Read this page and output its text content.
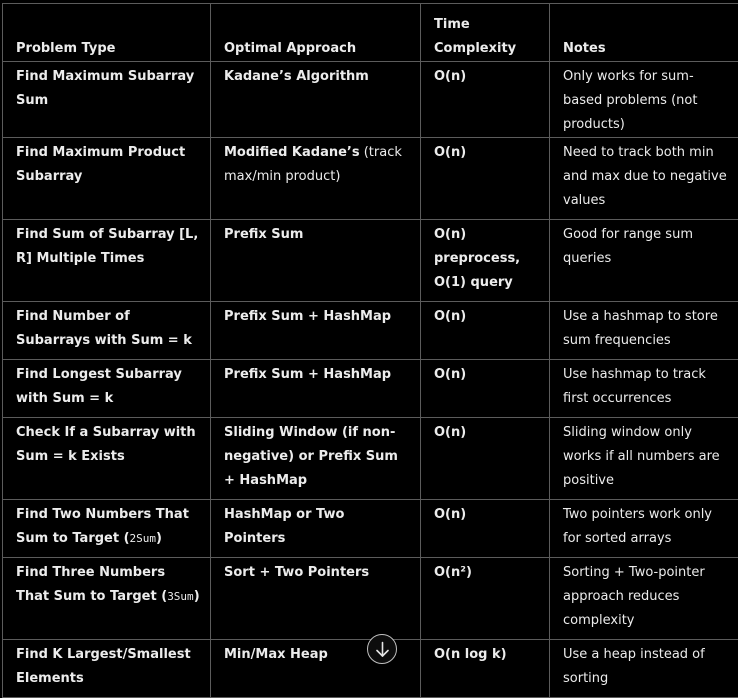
Problem Type	Optimal Approach	Time Complexity	Notes
Find Maximum Subarray Sum	Kadane’s Algorithm	O(n)	Only works for sum-based problems (not products)
Find Maximum Product Subarray	Modified Kadane’s (track max/min product)	O(n)	Need to track both min and max due to negative values
Find Sum of Subarray [L, R] Multiple Times	Prefix Sum	O(n) preprocess, O(1) query	Good for range sum queries
Find Number of Subarrays with Sum = k	Prefix Sum + HashMap	O(n)	Use a hashmap to store sum frequencies
Find Longest Subarray with Sum = k	Prefix Sum + HashMap	O(n)	Use hashmap to track first occurrences
Check If a Subarray with Sum = k Exists	Sliding Window (if non-negative) or Prefix Sum + HashMap	O(n)	Sliding window only works if all numbers are positive
Find Two Numbers That Sum to Target (2Sum)	HashMap or Two Pointers	O(n)	Two pointers work only for sorted arrays
Find Three Numbers That Sum to Target (3Sum)	Sort + Two Pointers	O(n²)	Sorting + Two-pointer approach reduces complexity
Find K Largest/Smallest Elements	Min/Max Heap	O(n log k)	Use a heap instead of sorting
